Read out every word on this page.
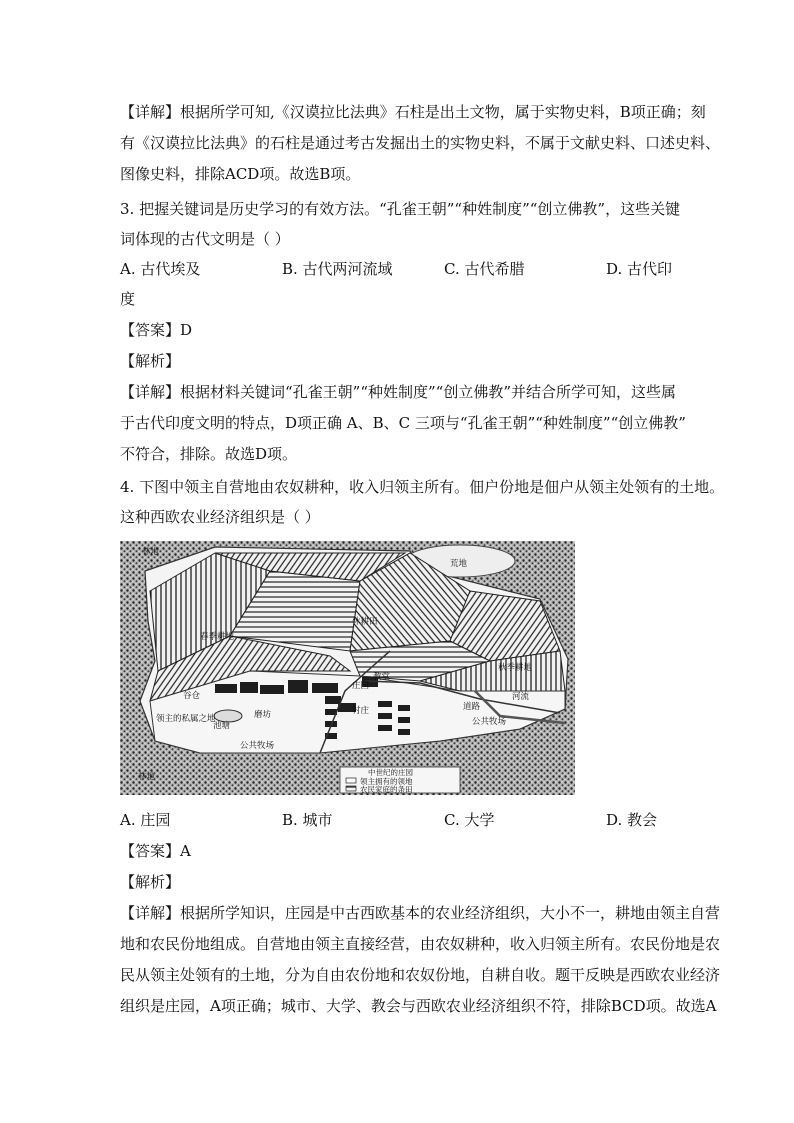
【详解】根据所学可知,《汉谟拉比法典》石柱是出土文物，属于实物史料，B项正确；刻
有《汉谟拉比法典》的石柱是通过考古发掘出土的实物史料，不属于文献史料、口述史料、
图像史料，排除ACD项。故选B项。
3. 把握关键词是历史学习的有效方法。“孔雀王朝”“种姓制度”“创立佛教”，这些关键
词体现的古代文明是（ ）
A. 古代埃及	B. 古代两河流域	C. 古代希腊	D. 古代印
度
【答案】D
【解析】
【详解】根据材料关键词“孔雀王朝”“种姓制度”“创立佛教”并结合所学可知，这些属
于古代印度文明的特点，D项正确 A、B、C 三项与“孔雀王朝”“种姓制度”“创立佛教”
不符合，排除。故选D项。
4. 下图中领主自营地由农奴耕种，收入归领主所有。佃户份地是佃户从领主处领有的土地。
这种西欧农业经济组织是（ ）
荒地
休耕田
春季耕地
秋季耕地
谷仓
庄园
教堂
磨坊
领主的私属之地
池塘
村庄	道路
河流
公共牧场
公共牧场
林地
林地	中世纪的庄园
领主拥有的领地
农民家庭的条田
A. 庄园	B. 城市	C. 大学	D. 教会
【答案】A
【解析】
【详解】根据所学知识，庄园是中古西欧基本的农业经济组织，大小不一，耕地由领主自营
地和农民份地组成。自营地由领主直接经营，由农奴耕种，收入归领主所有。农民份地是农
民从领主处领有的土地，分为自由农份地和农奴份地，自耕自收。题干反映是西欧农业经济
组织是庄园，A项正确；城市、大学、教会与西欧农业经济组织不符，排除BCD项。故选A
